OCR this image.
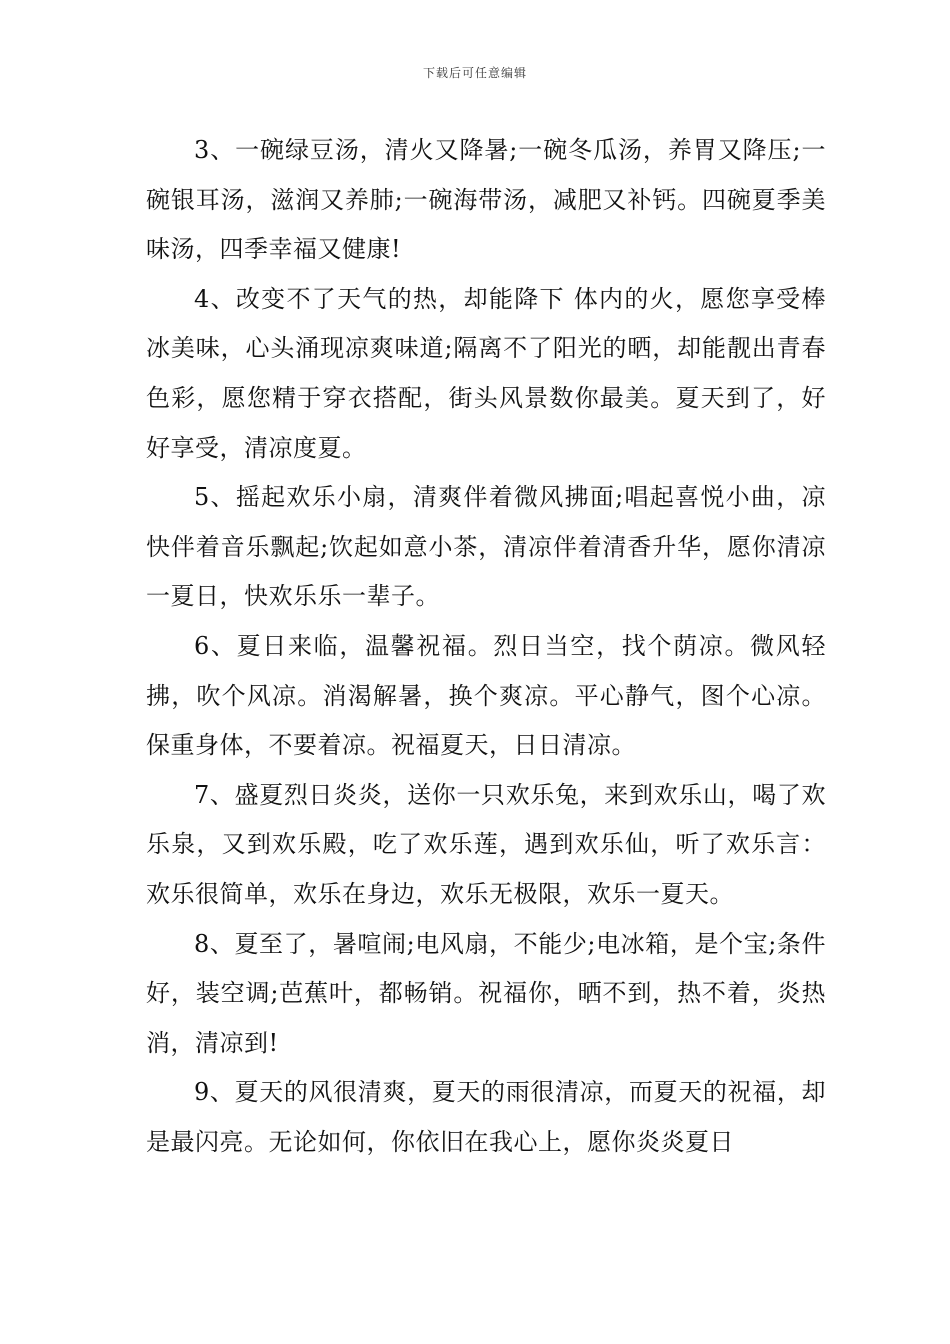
下载后可任意编辑

3、一碗绿豆汤，清火又降暑;一碗冬瓜汤，养胃又降压;一碗银耳汤，滋润又养肺;一碗海带汤，减肥又补钙。四碗夏季美味汤，四季幸福又健康!

4、改变不了天气的热，却能降下 体内的火，愿您享受棒冰美味，心头涌现凉爽味道;隔离不了阳光的晒，却能靓出青春色彩，愿您精于穿衣搭配，街头风景数你最美。夏天到了，好好享受，清凉度夏。

5、摇起欢乐小扇，清爽伴着微风拂面;唱起喜悦小曲，凉快伴着音乐飘起;饮起如意小茶，清凉伴着清香升华，愿你清凉一夏日，快欢乐乐一辈子。

6、夏日来临，温馨祝福。烈日当空，找个荫凉。微风轻拂，吹个风凉。消渴解暑，换个爽凉。平心静气，图个心凉。保重身体，不要着凉。祝福夏天，日日清凉。

7、盛夏烈日炎炎，送你一只欢乐兔，来到欢乐山，喝了欢乐泉，又到欢乐殿，吃了欢乐莲，遇到欢乐仙，听了欢乐言：欢乐很简单，欢乐在身边，欢乐无极限，欢乐一夏天。

8、夏至了，暑喧闹;电风扇，不能少;电冰箱，是个宝;条件好，装空调;芭蕉叶，都畅销。祝福你，晒不到，热不着，炎热消，清凉到!

9、夏天的风很清爽，夏天的雨很清凉，而夏天的祝福，却是最闪亮。无论如何，你依旧在我心上，愿你炎炎夏日
